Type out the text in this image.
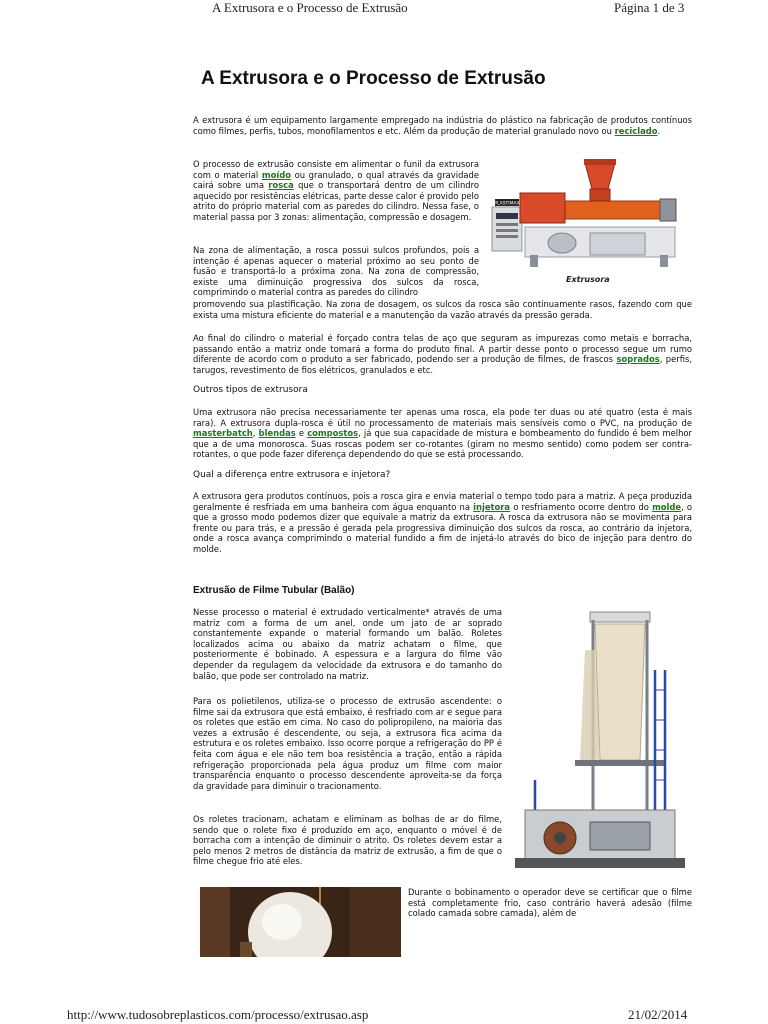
A Extrusora e o Processo de Extrusão	Página 1 de 3
A Extrusora e o Processo de Extrusão
A extrusora é um equipamento largamente empregado na indústria do plástico na fabricação de produtos contínuos como filmes, perfis, tubos, monofilamentos e etc. Além da produção de material granulado novo ou reciclado.
O processo de extrusão consiste em alimentar o funil da extrusora com o material moído ou granulado, o qual através da gravidade cairá sobre uma rosca que o transportará dentro de um cilindro aquecido por resistências elétricas, parte desse calor é provido pelo atrito do próprio material com as paredes do cilindro. Nessa fase, o material passa por 3 zonas: alimentação, compressão e dosagem.
Na zona de alimentação, a rosca possui sulcos profundos, pois a intenção é apenas aquecer o material próximo ao seu ponto de fusão e transportá-lo a próxima zona. Na zona de compressão, existe uma diminuição progressiva dos sulcos da rosca, comprimindo o material contra as paredes do cilindro
promovendo sua plastificação. Na zona de dosagem, os sulcos da rosca são continuamente rasos, fazendo com que exista uma mistura eficiente do material e a manutenção da vazão através da pressão gerada.
PLASTIMAX
Extrusora
Ao final do cilindro o material é forçado contra telas de aço que seguram as impurezas como metais e borracha, passando então a matriz onde tomará a forma do produto final. A partir desse ponto o processo segue um rumo diferente de acordo com o produto a ser fabricado, podendo ser a produção de filmes, de frascos soprados, perfis, tarugos, revestimento de fios elétricos, granulados e etc.
Outros tipos de extrusora
Uma extrusora não precisa necessariamente ter apenas uma rosca, ela pode ter duas ou até quatro (esta é mais rara). A extrusora dupla-rosca é útil no processamento de materiais mais sensíveis como o PVC, na produção de masterbatch, blendas e compostos, já que sua capacidade de mistura e bombeamento do fundido é bem melhor que a de uma monorosca. Suas roscas podem ser co-rotantes (giram no mesmo sentido) como podem ser contra-rotantes, o que pode fazer diferença dependendo do que se está processando.
Qual a diferença entre extrusora e injetora?
A extrusora gera produtos contínuos, pois a rosca gira e envia material o tempo todo para a matriz. A peça produzida geralmente é resfriada em uma banheira com água enquanto na injetora o resfriamento ocorre dentro do molde, o que a grosso modo podemos dizer que equivale a matriz da extrusora. A rosca da extrusora não se movimenta para frente ou para trás, e a pressão é gerada pela progressiva diminuição dos sulcos da rosca, ao contrário da injetora, onde a rosca avança comprimindo o material fundido a fim de injetá-lo através do bico de injeção para dentro do molde.
Extrusão de Filme Tubular (Balão)
Nesse processo o material é extrudado verticalmente* através de uma matriz com a forma de um anel, onde um jato de ar soprado constantemente expande o material formando um balão. Roletes localizados acima ou abaixo da matriz achatam o filme, que posteriormente é bobinado. A espessura e a largura do filme vão depender da regulagem da velocidade da extrusora e do tamanho do balão, que pode ser controlado na matriz.
Para os polietilenos, utiliza-se o processo de extrusão ascendente: o filme sai da extrusora que está embaixo, é resfriado com ar e segue para os roletes que estão em cima. No caso do polipropileno, na maioria das vezes a extrusão é descendente, ou seja, a extrusora fica acima da estrutura e os roletes embaixo. Isso ocorre porque a refrigeração do PP é feita com água e ele não tem boa resistência a tração, então a rápida refrigeração proporcionada pela água produz um filme com maior transparência enquanto o processo descendente aproveita-se da força da gravidade para diminuir o tracionamento.
Os roletes tracionam, achatam e eliminam as bolhas de ar do filme, sendo que o rolete fixo é produzido em aço, enquanto o móvel é de borracha com a intenção de diminuir o atrito. Os roletes devem estar a pelo menos 2 metros de distância da matriz de extrusão, a fim de que o filme chegue frio até eles.
Durante o bobinamento o operador deve se certificar que o filme está completamente frio, caso contrário haverá adesão (filme colado camada sobre camada), além de
http://www.tudosobreplasticos.com/processo/extrusao.asp	21/02/2014
